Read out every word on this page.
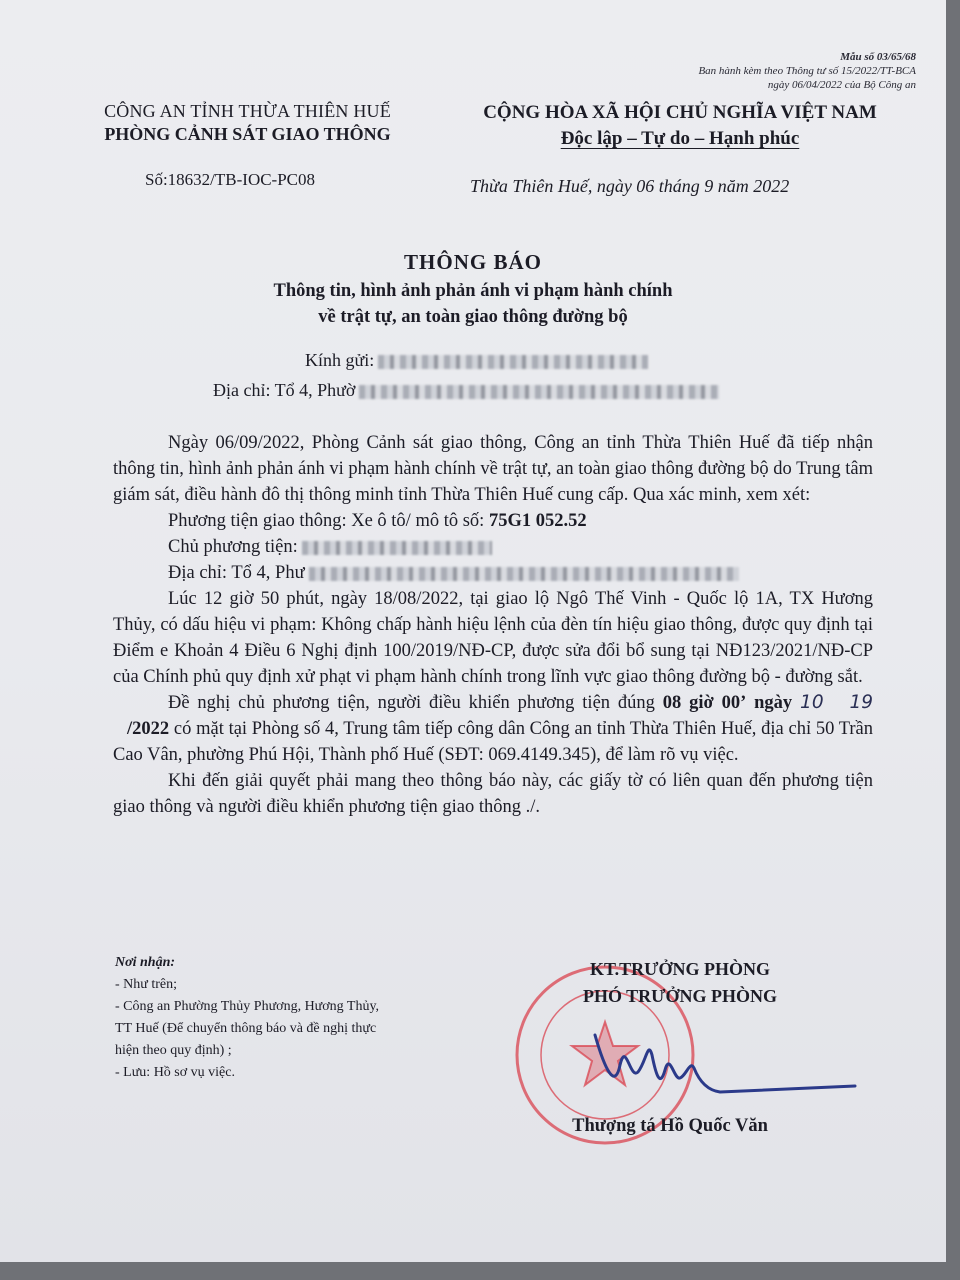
Mẫu số 03/65/68
Ban hành kèm theo Thông tư số 15/2022/TT-BCA
ngày 06/04/2022 của Bộ Công an
CÔNG AN TỈNH THỪA THIÊN HUẾ
PHÒNG CẢNH SÁT GIAO THÔNG
CỘNG HÒA XÃ HỘI CHỦ NGHĨA VIỆT NAM
Độc lập – Tự do – Hạnh phúc
Số:18632/TB-IOC-PC08	Thừa Thiên Huế, ngày 06 tháng 9 năm 2022
THÔNG BÁO
Thông tin, hình ảnh phản ánh vi phạm hành chính
về trật tự, an toàn giao thông đường bộ
Kính gửi:
Địa chỉ: Tổ 4, Phườ

Ngày 06/09/2022, Phòng Cảnh sát giao thông, Công an tỉnh Thừa Thiên Huế đã tiếp nhận thông tin, hình ảnh phản ánh vi phạm hành chính về trật tự, an toàn giao thông đường bộ do Trung tâm giám sát, điều hành đô thị thông minh tỉnh Thừa Thiên Huế cung cấp. Qua xác minh, xem xét:

Phương tiện giao thông: Xe ô tô/ mô tô số: 75G1 052.52

Chủ phương tiện:

Địa chỉ: Tổ 4, Phư

Lúc 12 giờ 50 phút, ngày 18/08/2022, tại giao lộ Ngô Thế Vinh - Quốc lộ 1A, TX Hương Thủy, có dấu hiệu vi phạm: Không chấp hành hiệu lệnh của đèn tín hiệu giao thông, được quy định tại Điểm e Khoản 4 Điều 6 Nghị định 100/2019/NĐ-CP, được sửa đổi bổ sung tại NĐ123/2021/NĐ-CP của Chính phủ quy định xử phạt vi phạm hành chính trong lĩnh vực giao thông đường bộ - đường sắt.

Đề nghị chủ phương tiện, người điều khiển phương tiện đúng 08 giờ 00’ ngày 10 19 /2022 có mặt tại Phòng số 4, Trung tâm tiếp công dân Công an tỉnh Thừa Thiên Huế, địa chỉ 50 Trần Cao Vân, phường Phú Hội, Thành phố Huế (SĐT: 069.4149.345), để làm rõ vụ việc.

Khi đến giải quyết phải mang theo thông báo này, các giấy tờ có liên quan đến phương tiện giao thông và người điều khiển phương tiện giao thông ./.

Nơi nhận:
- Như trên;
- Công an Phường Thủy Phương, Hương Thủy,
TT Huế (Để chuyển thông báo và đề nghị thực
hiện theo quy định) ;
- Lưu: Hồ sơ vụ việc.
KT.TRƯỞNG PHÒNG
PHÓ TRƯỞNG PHÒNG
Thượng tá Hồ Quốc Văn
